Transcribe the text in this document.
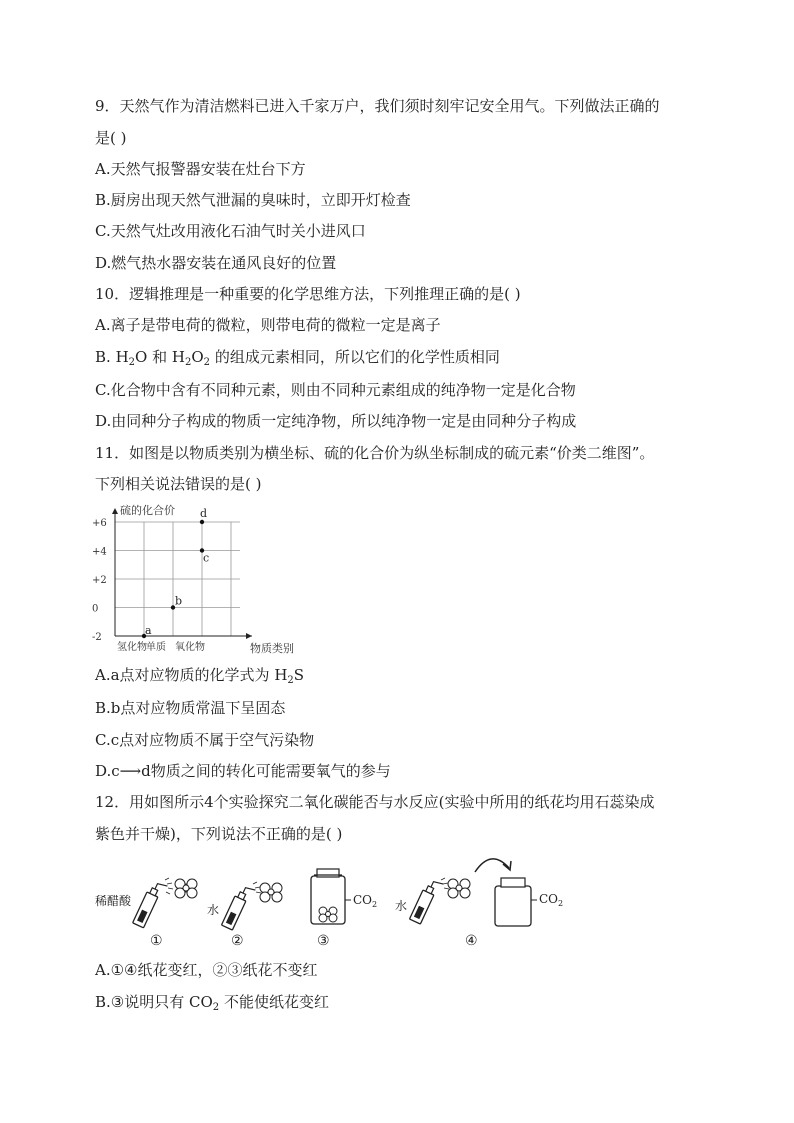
9．天然气作为清洁燃料已进入千家万户，我们须时刻牢记安全用气。下列做法正确的
是( )
A.天然气报警器安装在灶台下方
B.厨房出现天然气泄漏的臭味时，立即开灯检查
C.天然气灶改用液化石油气时关小进风口
D.燃气热水器安装在通风良好的位置
10．逻辑推理是一种重要的化学思维方法，下列推理正确的是( )
A.离子是带电荷的微粒，则带电荷的微粒一定是离子
B. $H_2O$ 和 $H_2O_2$ 的组成元素相同，所以它们的化学性质相同
C.化合物中含有不同种元素，则由不同种元素组成的纯净物一定是化合物
D.由同种分子构成的物质一定纯净物，所以纯净物一定是由同种分子构成
11．如图是以物质类别为横坐标、硫的化合价为纵坐标制成的硫元素“价类二维图”。
下列相关说法错误的是( )
硫的化合价
物质类别
+6
+4
+2
0
-2
氢化物 单质 氧化物
a
b
c
d
A.a点对应物质的化学式为 $H_2S$
B.b点对应物质常温下呈固态
C.c点对应物质不属于空气污染物
D.c⟶d物质之间的转化可能需要氧气的参与
12．用如图所示4个实验探究二氧化碳能否与水反应(实验中所用的纸花均用石蕊染成
紫色并干燥)，下列说法不正确的是( )
稀醋酸
①
水
②
$CO_2$
③
水	$CO_2$
④
A.①④纸花变红，②③纸花不变红
B.③说明只有 $CO_2$ 不能使纸花变红
